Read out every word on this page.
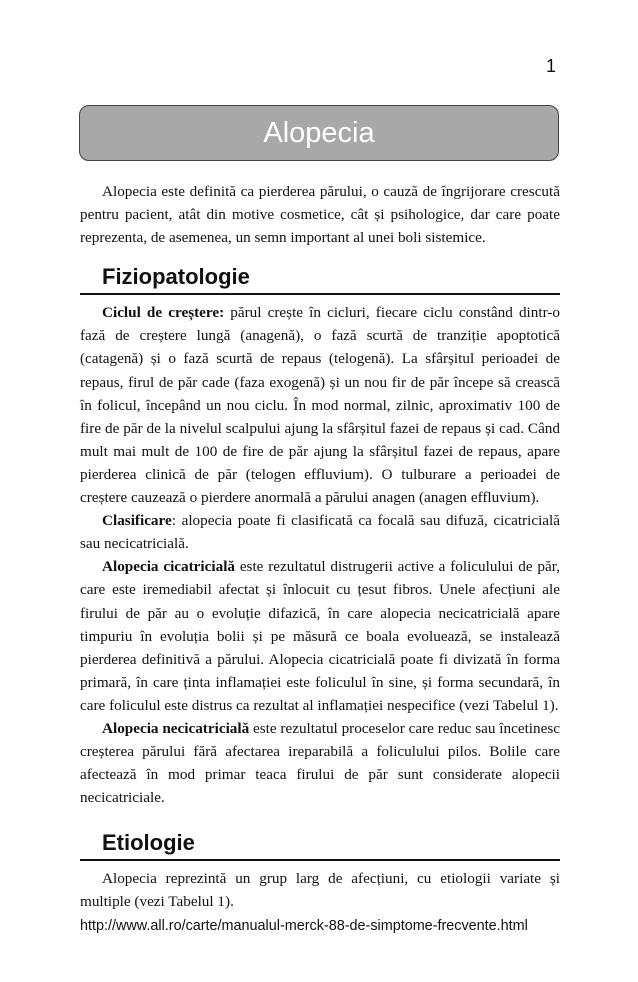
1
Alopecia

Alopecia este definită ca pierderea părului, o cauză de îngrijorare crescută pentru pacient, atât din motive cosmetice, cât și psihologice, dar care poate reprezenta, de asemenea, un semn important al unei boli sistemice.

Fiziopatologie

Ciclul de creștere: părul crește în cicluri, fiecare ciclu constând dintr-o fază de creștere lungă (anagenă), o fază scurtă de tranziție apoptotică (catagenă) și o fază scurtă de repaus (telogenă). La sfârșitul perioadei de repaus, firul de păr cade (faza exogenă) și un nou fir de păr începe să crească în folicul, începând un nou ciclu. În mod normal, zilnic, aproximativ 100 de fire de păr de la nivelul scalpului ajung la sfârșitul fazei de repaus și cad. Când mult mai mult de 100 de fire de păr ajung la sfârșitul fazei de repaus, apare pierderea clinică de păr (telogen effluvium). O tulburare a perioadei de creștere cauzează o pierdere anormală a părului anagen (anagen effluvium).

Clasificare: alopecia poate fi clasificată ca focală sau difuză, cicatricială sau necicatricială.

Alopecia cicatricială este rezultatul distrugerii active a foliculului de păr, care este iremediabil afectat și înlocuit cu țesut fibros. Unele afecțiuni ale firului de păr au o evoluție difazică, în care alopecia necicatricială apare timpuriu în evoluția bolii și pe măsură ce boala evoluează, se instalează pierderea definitivă a părului. Alopecia cicatricială poate fi divizată în forma primară, în care ținta inflamației este foliculul în sine, și forma secundară, în care foliculul este distrus ca rezultat al inflamației nespecifice (vezi Tabelul 1).

Alopecia necicatricială este rezultatul proceselor care reduc sau încetinesc creșterea părului fără afectarea ireparabilă a foliculului pilos. Bolile care afectează în mod primar teaca firului de păr sunt considerate alopecii necicatriciale.

Etiologie

Alopecia reprezintă un grup larg de afecțiuni, cu etiologii variate și multiple (vezi Tabelul 1).

http://www.all.ro/carte/manualul-merck-88-de-simptome-frecvente.html
